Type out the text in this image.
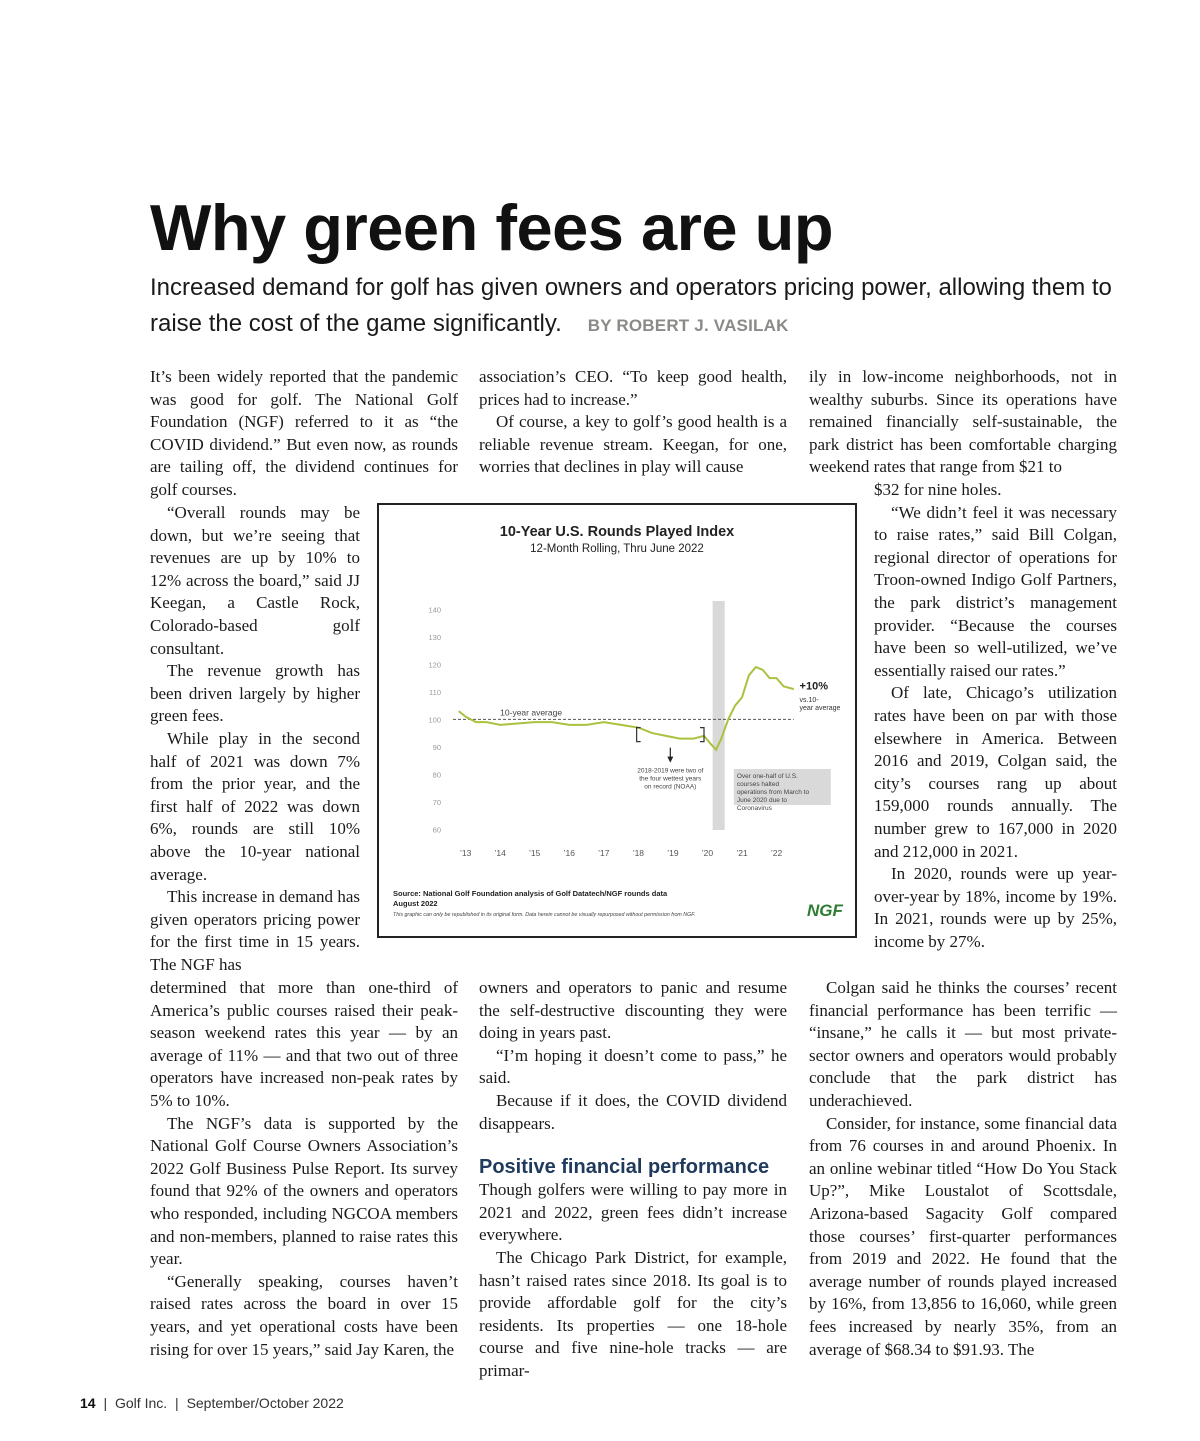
Why green fees are up
Increased demand for golf has given owners and operators pricing power, allowing them to raise the cost of the game significantly. BY ROBERT J. VASILAK

It’s been widely reported that the pandemic was good for golf. The National Golf Foundation (NGF) referred to it as “the COVID dividend.” But even now, as rounds are tailing off, the dividend continues for golf courses.

“Overall rounds may be down, but we’re seeing that revenues are up by 10% to 12% across the board,” said JJ Keegan, a Castle Rock, Colorado-based golf consultant.

The revenue growth has been driven largely by higher green fees.

While play in the second half of 2021 was down 7% from the prior year, and the first half of 2022 was down 6%, rounds are still 10% above the 10-year national average.

This increase in demand has given operators pricing power for the first time in 15 years. The NGF has

determined that more than one-third of America’s public courses raised their peak-season weekend rates this year — by an average of 11% — and that two out of three operators have increased non-peak rates by 5% to 10%.

The NGF’s data is supported by the National Golf Course Owners Association’s 2022 Golf Business Pulse Report. Its survey found that 92% of the owners and operators who responded, including NGCOA members and non-members, planned to raise rates this year.

“Generally speaking, courses haven’t raised rates across the board in over 15 years, and yet operational costs have been rising for over 15 years,” said Jay Karen, the

association’s CEO. “To keep good health, prices had to increase.”

Of course, a key to golf’s good health is a reliable revenue stream. Keegan, for one, worries that declines in play will cause

owners and operators to panic and resume the self-destructive discounting they were doing in years past.

“I’m hoping it doesn’t come to pass,” he said.

Because if it does, the COVID dividend disappears.

Positive financial performance

Though golfers were willing to pay more in 2021 and 2022, green fees didn’t increase everywhere.

The Chicago Park District, for example, hasn’t raised rates since 2018. Its goal is to provide affordable golf for the city’s residents. Its properties — one 18-hole course and five nine-hole tracks — are primar-

ily in low-income neighborhoods, not in wealthy suburbs. Since its operations have remained financially self-sustainable, the park district has been comfortable charging weekend rates that range from $21 to

$32 for nine holes.

“We didn’t feel it was necessary to raise rates,” said Bill Colgan, regional director of operations for Troon-owned Indigo Golf Partners, the park district’s management provider. “Because the courses have been so well-utilized, we’ve essentially raised our rates.”

Of late, Chicago’s utilization rates have been on par with those elsewhere in America. Between 2016 and 2019, Colgan said, the city’s courses rang up about 159,000 rounds annually. The number grew to 167,000 in 2020 and 212,000 in 2021.

In 2020, rounds were up year-over-year by 18%, income by 19%. In 2021, rounds were up by 25%, income by 27%.

Colgan said he thinks the courses’ recent financial performance has been terrific — “insane,” he calls it — but most private-sector owners and operators would probably conclude that the park district has underachieved.

Consider, for instance, some financial data from 76 courses in and around Phoenix. In an online webinar titled “How Do You Stack Up?”, Mike Loustalot of Scottsdale, Arizona-based Sagacity Golf compared those courses’ first-quarter performances from 2019 and 2022. He found that the average number of rounds played increased by 16%, from 13,856 to 16,060, while green fees increased by nearly 35%, from an average of $68.34 to $91.93. The

10-Year U.S. Rounds Played Index
12-Month Rolling, Thru June 2022
10-year average
’13	’14	’15	’16	’17	’18	’19	’20	’21	’22
60
70
80
90
100
110
120
130
140
2018-2019 were two of the four wettest years on record (NOAA)
Over one-half of U.S. courses halted operations from March to June 2020 due to Coronavirus
+10%
vs.10-year average
Source: National Golf Foundation analysis of Golf Datatech/NGF rounds data
August 2022
This graphic can only be republished in its original form. Data herein cannot be visually repurposed without permission from NGF.	NGF
14 | Golf Inc. | September/October 2022
